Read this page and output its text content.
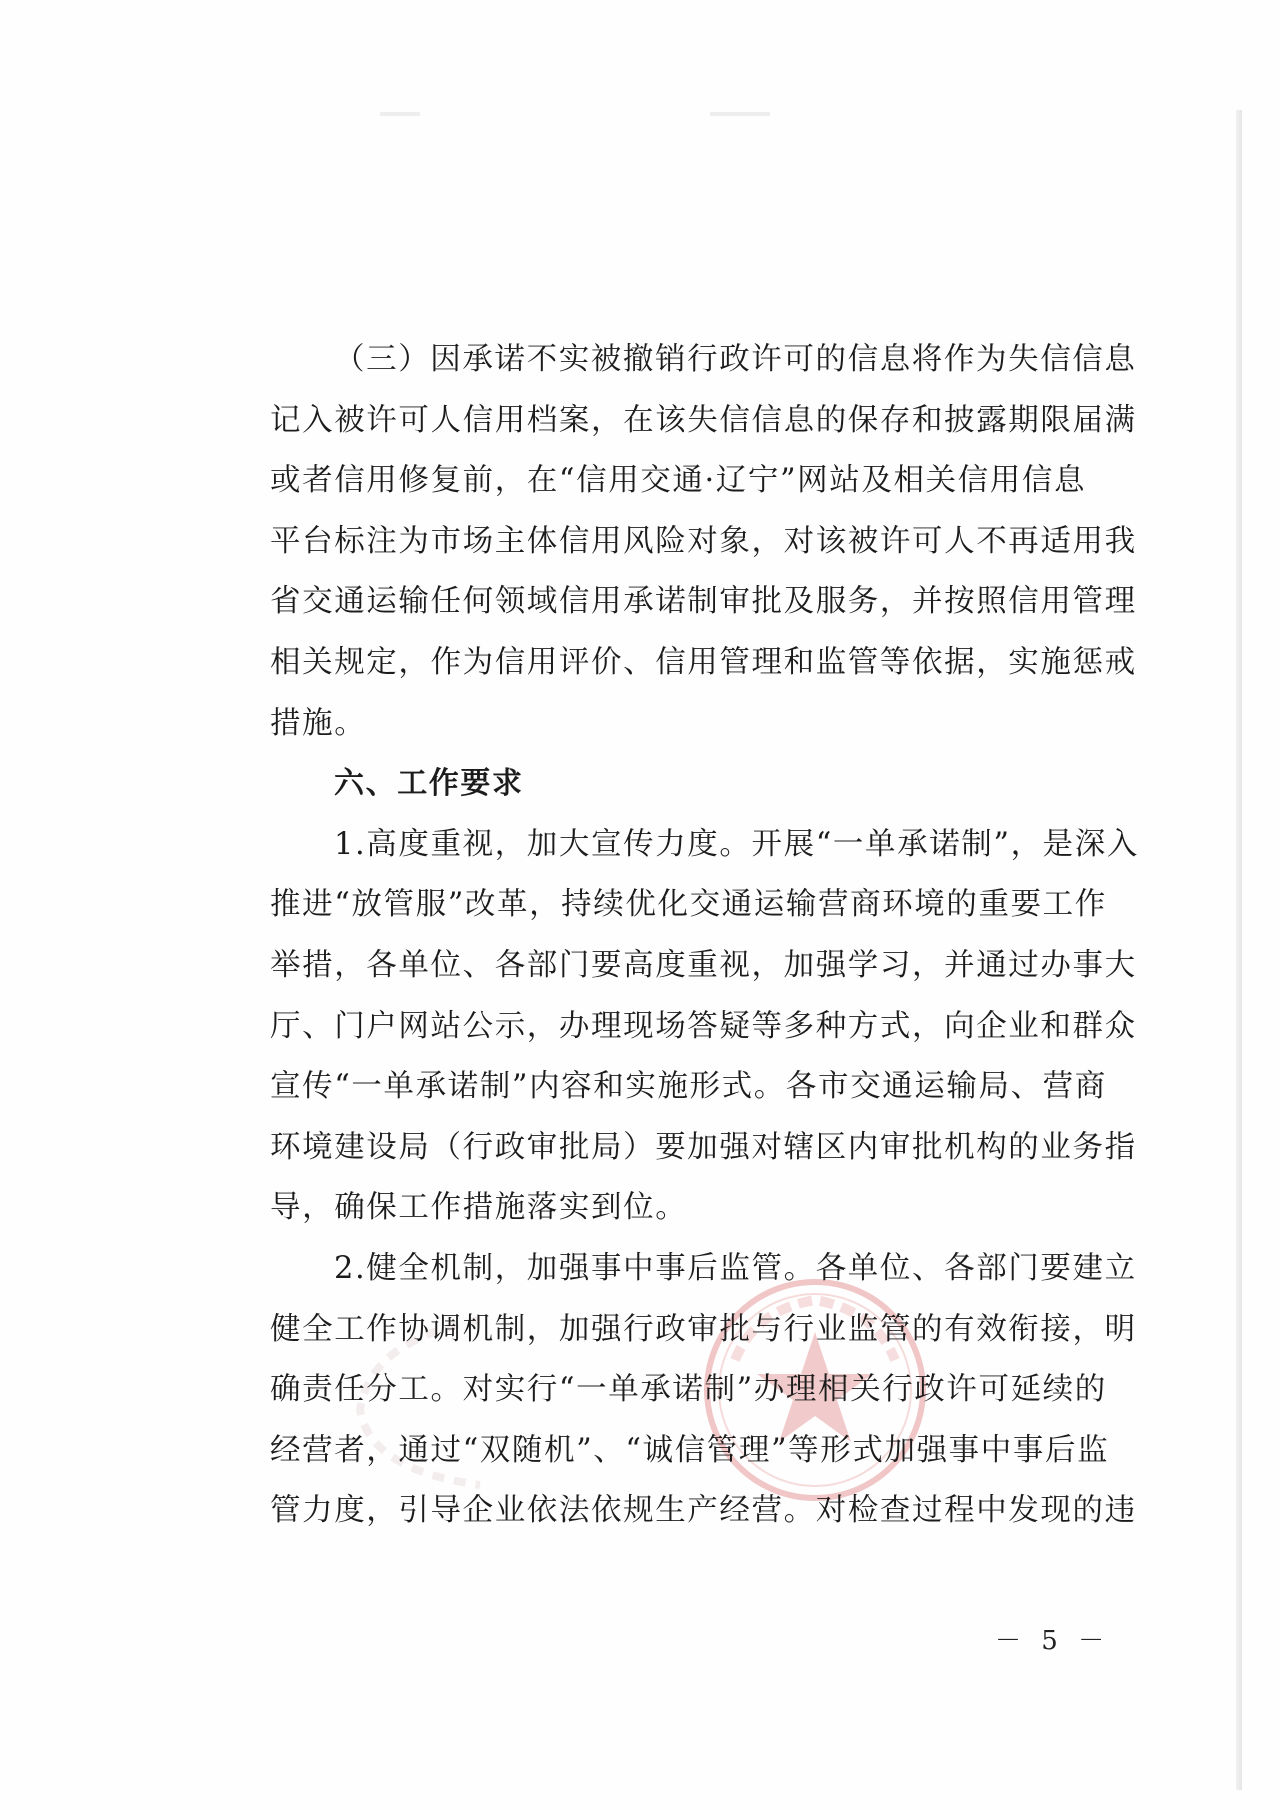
（三）因承诺不实被撤销行政许可的信息将作为失信信息
记入被许可人信用档案，在该失信信息的保存和披露期限届满
或者信用修复前，在“信用交通·辽宁”网站及相关信用信息
平台标注为市场主体信用风险对象，对该被许可人不再适用我
省交通运输任何领域信用承诺制审批及服务，并按照信用管理
相关规定，作为信用评价、信用管理和监管等依据，实施惩戒
措施。
六、工作要求
1.高度重视，加大宣传力度。开展“一单承诺制”，是深入
推进“放管服”改革，持续优化交通运输营商环境的重要工作
举措，各单位、各部门要高度重视，加强学习，并通过办事大
厅、门户网站公示，办理现场答疑等多种方式，向企业和群众
宣传“一单承诺制”内容和实施形式。各市交通运输局、营商
环境建设局（行政审批局）要加强对辖区内审批机构的业务指
导，确保工作措施落实到位。
2.健全机制，加强事中事后监管。各单位、各部门要建立
健全工作协调机制，加强行政审批与行业监管的有效衔接，明
确责任分工。对实行“一单承诺制”办理相关行政许可延续的
经营者，通过“双随机”、“诚信管理”等形式加强事中事后监
管力度，引导企业依法依规生产经营。对检查过程中发现的违
－ 5 －
